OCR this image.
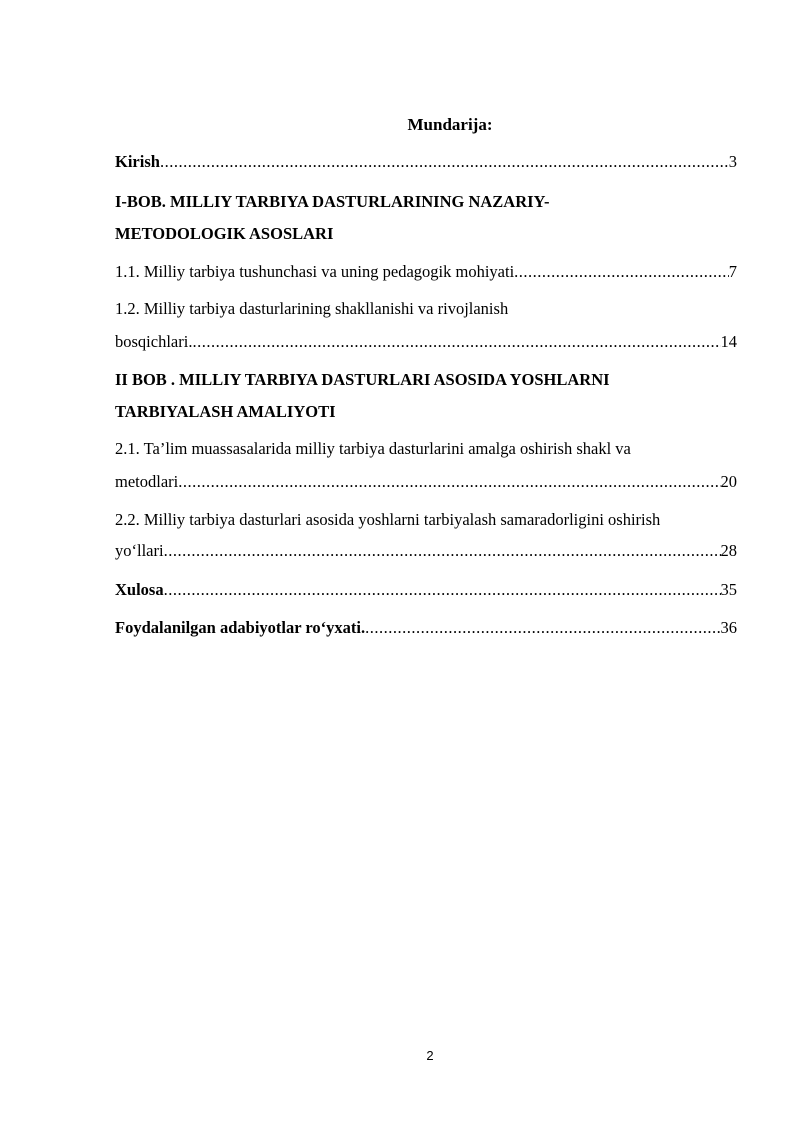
Mundarija:
Kirish .....	3
I-BOB. MILLIY TARBIYA DASTURLARINING NAZARIY-
METODOLOGIK ASOSLARI
1.1. Milliy tarbiya tushunchasi va uning pedagogik mohiyati .....	7
1.2. Milliy tarbiya dasturlarining shakllanishi va rivojlanish
bosqichlari. .....	14
II BOB . MILLIY TARBIYA DASTURLARI ASOSIDA YOSHLARNI
TARBIYALASH AMALIYOTI
2.1. Ta’lim muassasalarida milliy tarbiya dasturlarini amalga oshirish shakl va
metodlari .....	20
2.2. Milliy tarbiya dasturlari asosida yoshlarni tarbiyalash samaradorligini oshirish
yo‘llari .....	28
Xulosa .....	35
Foydalanilgan adabiyotlar ro‘yxati. .....	36
2
